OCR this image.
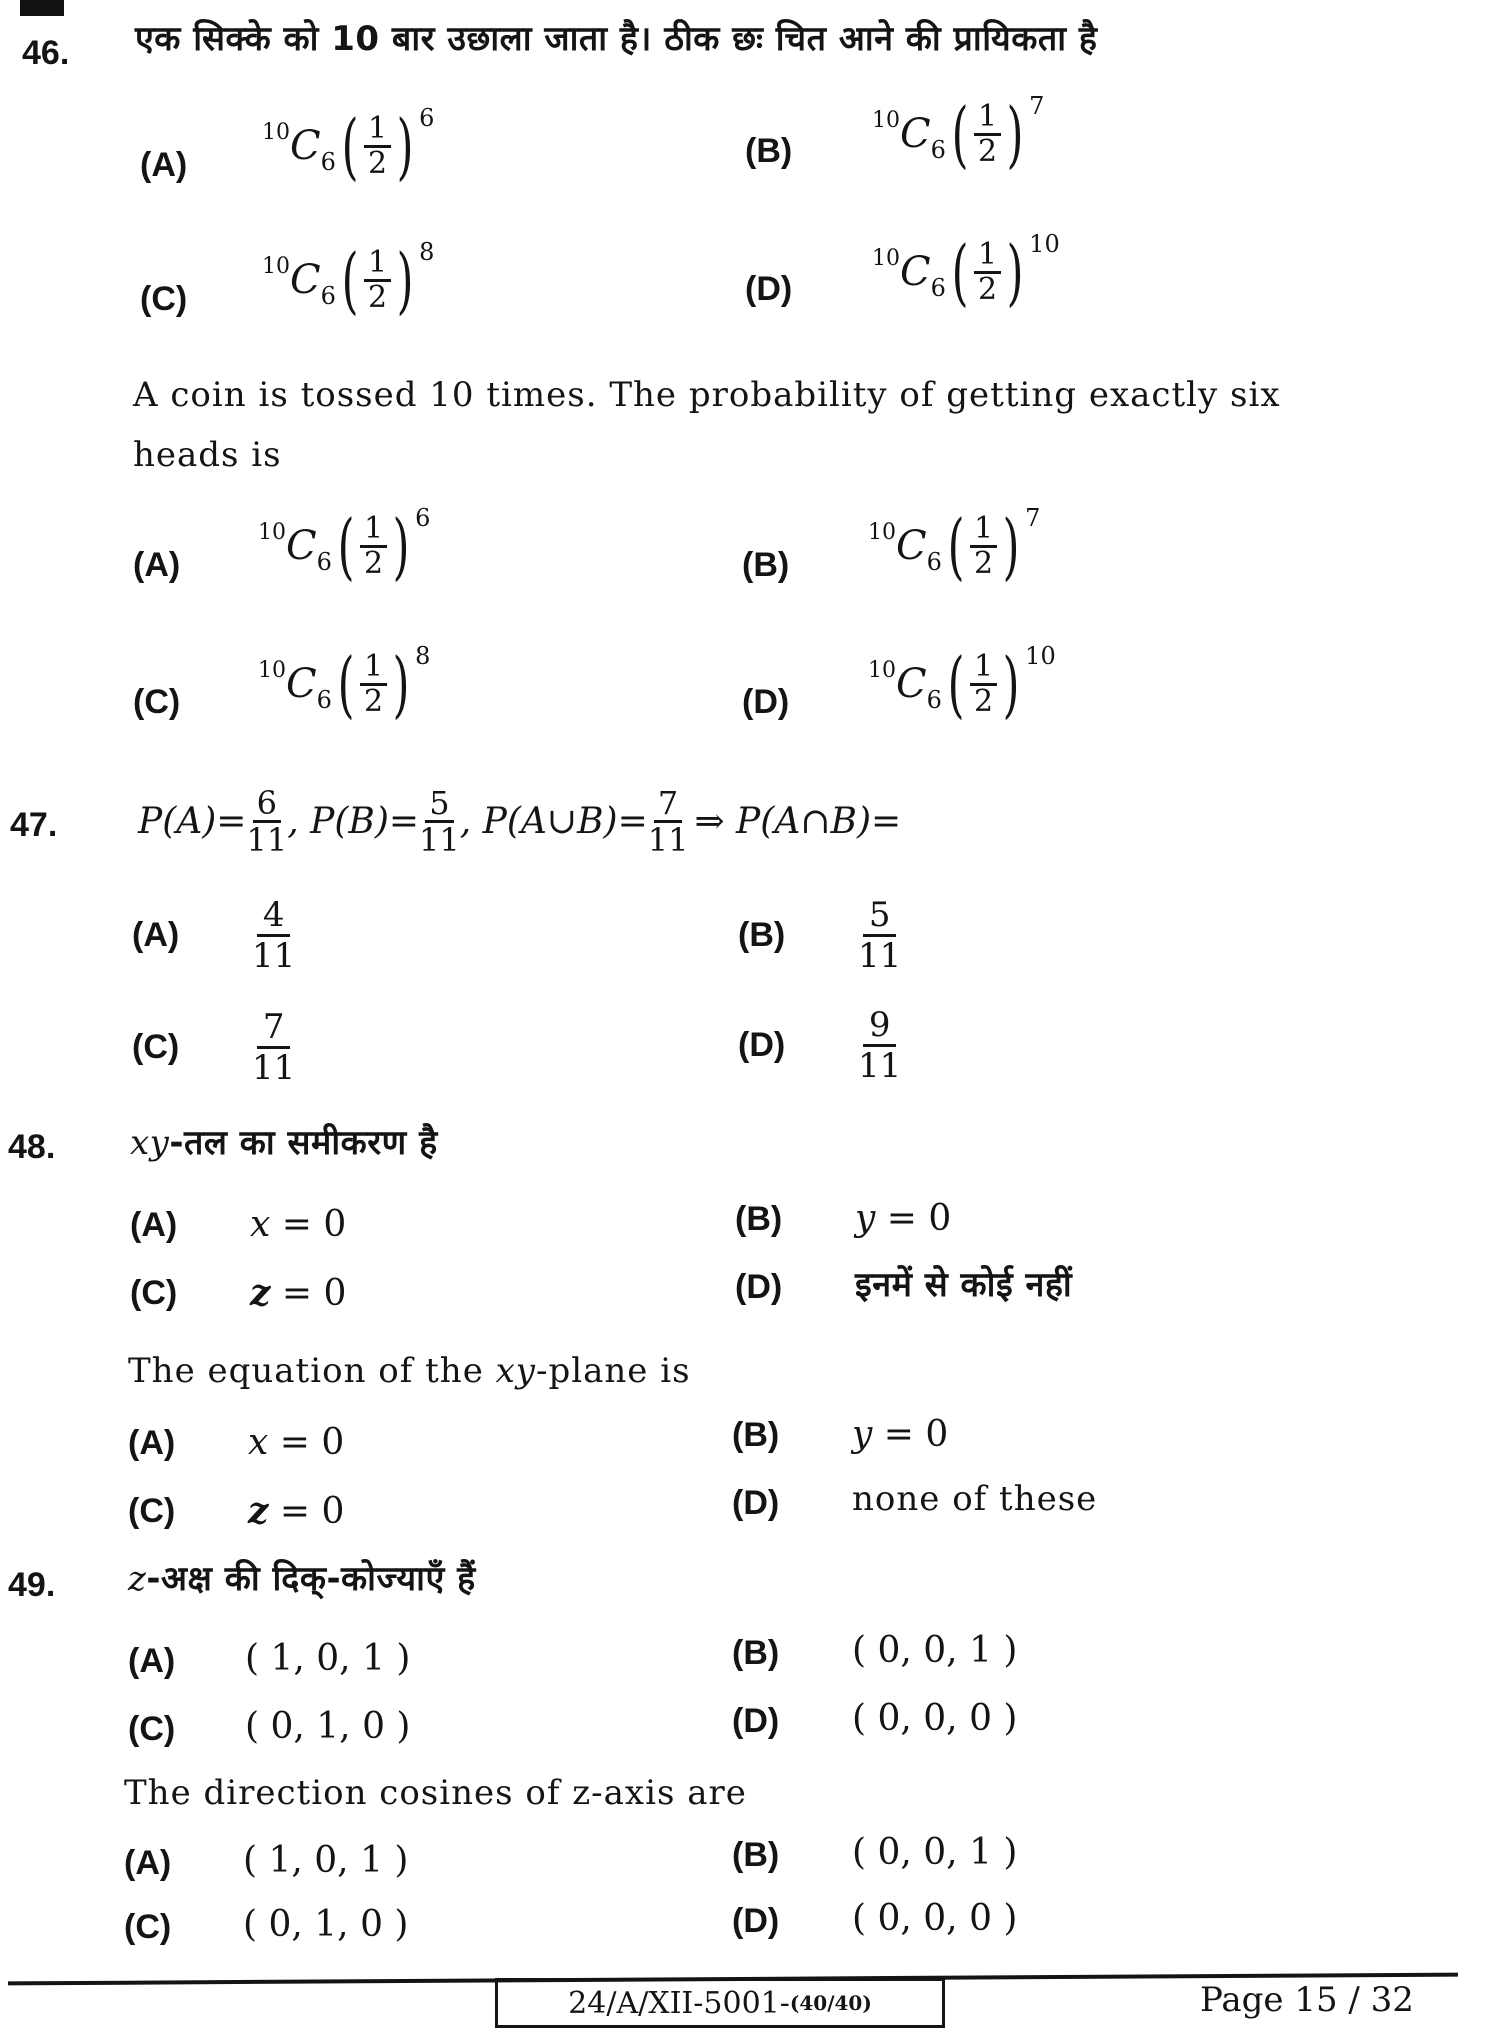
46. एक सिक्के को 10 बार उछाला जाता है। ठीक छः चित आने की प्रायिकता है
(A)
10 C 6 ( $\frac{1}{2}$ ) 6
(B)
10 C 6 ( $\frac{1}{2}$ ) 7
(C)
10 C 6 ( $\frac{1}{2}$ ) 8
(D)
10 C 6 ( $\frac{1}{2}$ ) 10
A coin is tossed 10 times. The probability of getting exactly six
heads is
(A)
10 C 6 ( $\frac{1}{2}$ ) 6
(B)
10 C 6 ( $\frac{1}{2}$ ) 7
(C)
10 C 6 ( $\frac{1}{2}$ ) 8
(D)
10 C 6 ( $\frac{1}{2}$ ) 10
47. $P(A)= \frac{6}{11}$ , $P(B)= \frac{5}{11}$ , P(A∪B)= $\frac{7}{11}$ ⇒ P(A∩B)=
$(A) \frac{4}{11}$	$(B) \frac{5}{11}$
$(C) \frac{7}{11}$	$(D) \frac{9}{11}$
48. xy-तल का समीकरण है
(A) x = 0	(B) y = 0
(C) z = 0	(D) इनमें से कोई नहीं
The equation of the xy-plane is
(A) x = 0	(B) y = 0
(C) z = 0	(D) none of these
49. z-अक्ष की दिक्-कोज्याएँ हैं
(A) ( 1, 0, 1 )	(B) ( 0, 0, 1 )
(C) ( 0, 1, 0 )	(D) ( 0, 0, 0 )
The direction cosines of z-axis are
(A) ( 1, 0, 1 )	(B) ( 0, 0, 1 )
(C) ( 0, 1, 0 )	(D) ( 0, 0, 0 )
24/A/XII-5001- (40/40)	Page 15 / 32
